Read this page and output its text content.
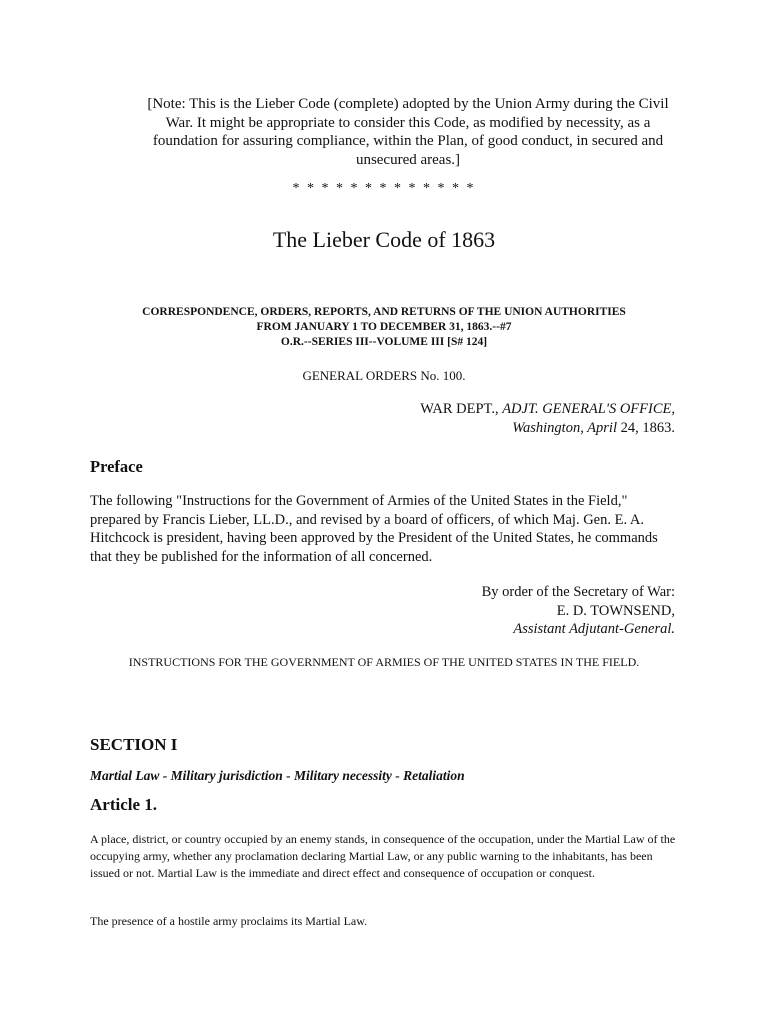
[Note: This is the Lieber Code (complete) adopted by the Union Army during the Civil War. It might be appropriate to consider this Code, as modified by necessity, as a foundation for assuring compliance, within the Plan, of good conduct, in secured and unsecured areas.]

* * * * * * * * * * * * *
The Lieber Code of 1863
CORRESPONDENCE, ORDERS, REPORTS, AND RETURNS OF THE UNION AUTHORITIES
FROM JANUARY 1 TO DECEMBER 31, 1863.--#7
O.R.--SERIES III--VOLUME III [S# 124]
GENERAL ORDERS No. 100.
WAR DEPT., ADJT. GENERAL'S OFFICE,
Washington, April 24, 1863.
Preface

The following "Instructions for the Government of Armies of the United States in the Field," prepared by Francis Lieber, LL.D., and revised by a board of officers, of which Maj. Gen. E. A. Hitchcock is president, having been approved by the President of the United States, he commands that they be published for the information of all concerned.

By order of the Secretary of War:
E. D. TOWNSEND,
Assistant Adjutant-General.
INSTRUCTIONS FOR THE GOVERNMENT OF ARMIES OF THE UNITED STATES IN THE FIELD.
SECTION I
Martial Law - Military jurisdiction - Military necessity - Retaliation
Article 1.

A place, district, or country occupied by an enemy stands, in consequence of the occupation, under the Martial Law of the occupying army, whether any proclamation declaring Martial Law, or any public warning to the inhabitants, has been issued or not. Martial Law is the immediate and direct effect and consequence of occupation or conquest.

The presence of a hostile army proclaims its Martial Law.
